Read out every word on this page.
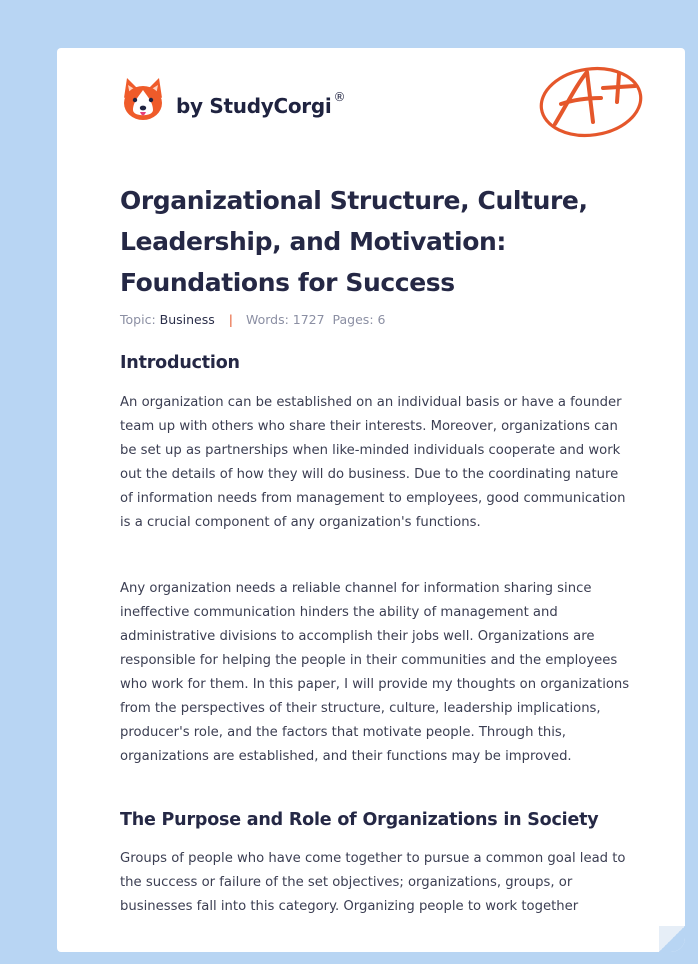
by StudyCorgi ®
Organizational Structure, Culture, Leadership, and Motivation: Foundations for Success
Topic: Business | Words: 1727 Pages: 6
Introduction

An organization can be established on an individual basis or have a founder team up with others who share their interests. Moreover, organizations can be set up as partnerships when like-minded individuals cooperate and work out the details of how they will do business. Due to the coordinating nature of information needs from management to employees, good communication is a crucial component of any organization's functions.

Any organization needs a reliable channel for information sharing since ineffective communication hinders the ability of management and administrative divisions to accomplish their jobs well. Organizations are responsible for helping the people in their communities and the employees who work for them. In this paper, I will provide my thoughts on organizations from the perspectives of their structure, culture, leadership implications, producer's role, and the factors that motivate people. Through this, organizations are established, and their functions may be improved.

The Purpose and Role of Organizations in Society

Groups of people who have come together to pursue a common goal lead to the success or failure of the set objectives; organizations, groups, or businesses fall into this category. Organizing people to work together
